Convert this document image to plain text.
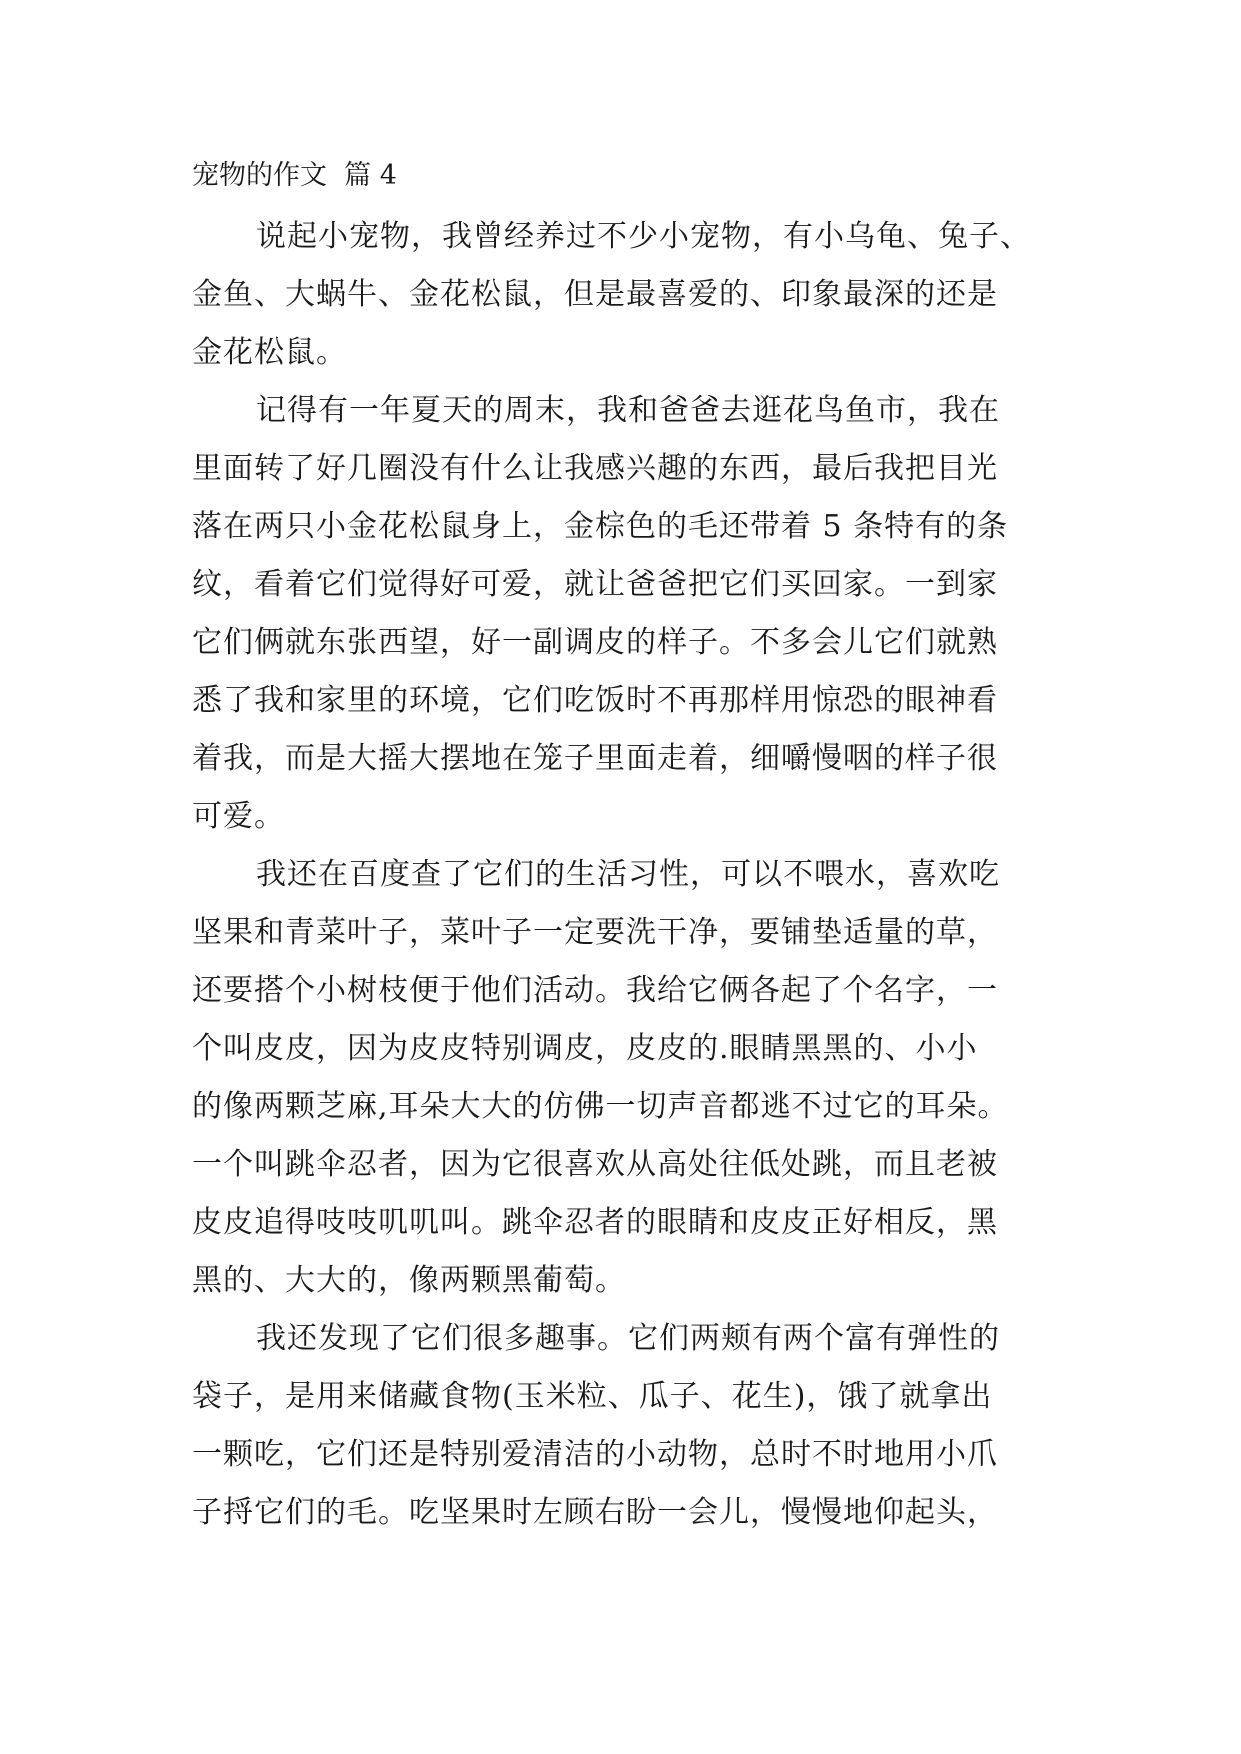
宠物的作文  篇 4
说起小宠物，我曾经养过不少小宠物，有小乌龟、兔子、
金鱼、大蜗牛、金花松鼠，但是最喜爱的、印象最深的还是
金花松鼠。
记得有一年夏天的周末，我和爸爸去逛花鸟鱼市，我在
里面转了好几圈没有什么让我感兴趣的东西，最后我把目光
落在两只小金花松鼠身上，金棕色的毛还带着 5 条特有的条
纹，看着它们觉得好可爱，就让爸爸把它们买回家。一到家
它们俩就东张西望，好一副调皮的样子。不多会儿它们就熟
悉了我和家里的环境，它们吃饭时不再那样用惊恐的眼神看
着我，而是大摇大摆地在笼子里面走着，细嚼慢咽的样子很
可爱。
我还在百度查了它们的生活习性，可以不喂水，喜欢吃
坚果和青菜叶子，菜叶子一定要洗干净，要铺垫适量的草，
还要搭个小树枝便于他们活动。我给它俩各起了个名字，一
个叫皮皮，因为皮皮特别调皮，皮皮的.眼睛黑黑的、小小
的像两颗芝麻,耳朵大大的仿佛一切声音都逃不过它的耳朵。
一个叫跳伞忍者，因为它很喜欢从高处往低处跳，而且老被
皮皮追得吱吱叽叽叫。跳伞忍者的眼睛和皮皮正好相反，黑
黑的、大大的，像两颗黑葡萄。
我还发现了它们很多趣事。它们两颊有两个富有弹性的
袋子，是用来储藏食物(玉米粒、瓜子、花生)，饿了就拿出
一颗吃，它们还是特别爱清洁的小动物，总时不时地用小爪
子捋它们的毛。吃坚果时左顾右盼一会儿，慢慢地仰起头，
